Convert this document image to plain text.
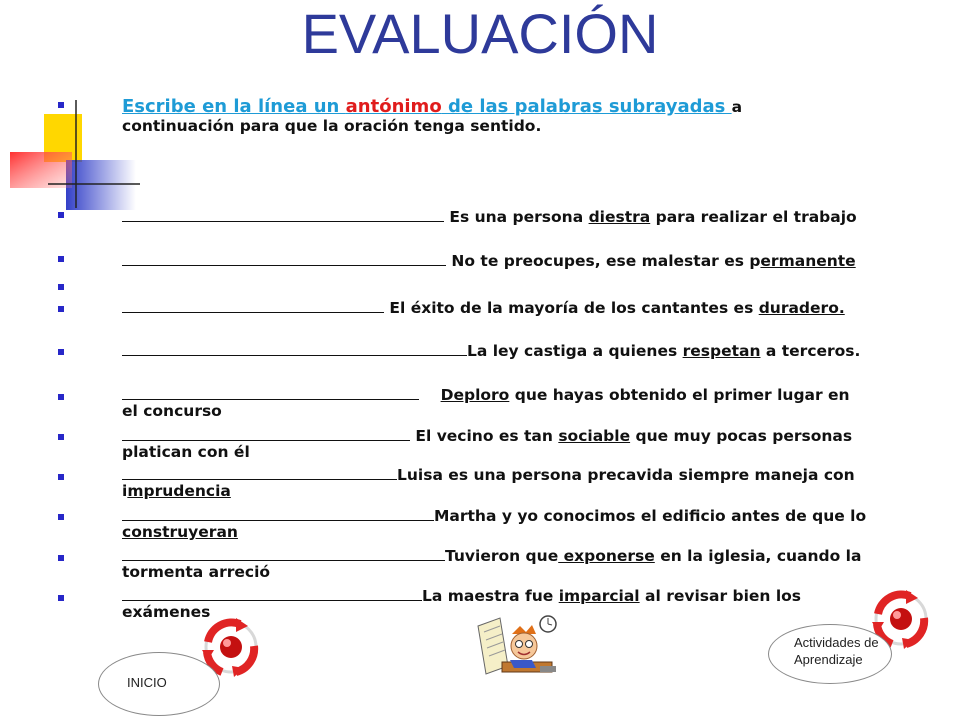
EVALUACIÓN
Escribe en la línea un antónimo de las palabras subrayadas a
continuación para que la oración tenga sentido.
Es una persona diestra para realizar el trabajo
No te preocupes, ese malestar es permanente
El éxito de la mayoría de los cantantes es duradero.
La ley castiga a quienes respetan a terceros.
Deploro que hayas obtenido el primer lugar en
el concurso
El vecino es tan sociable que muy pocas personas
platican con él
Luisa es una persona precavida siempre maneja con
imprudencia
Martha y yo conocimos el edificio antes de que lo
construyeran
Tuvieron que exponerse en la iglesia, cuando la
tormenta arreció
La maestra fue imparcial al revisar bien los
exámenes
INICIO
Actividades de
Aprendizaje
